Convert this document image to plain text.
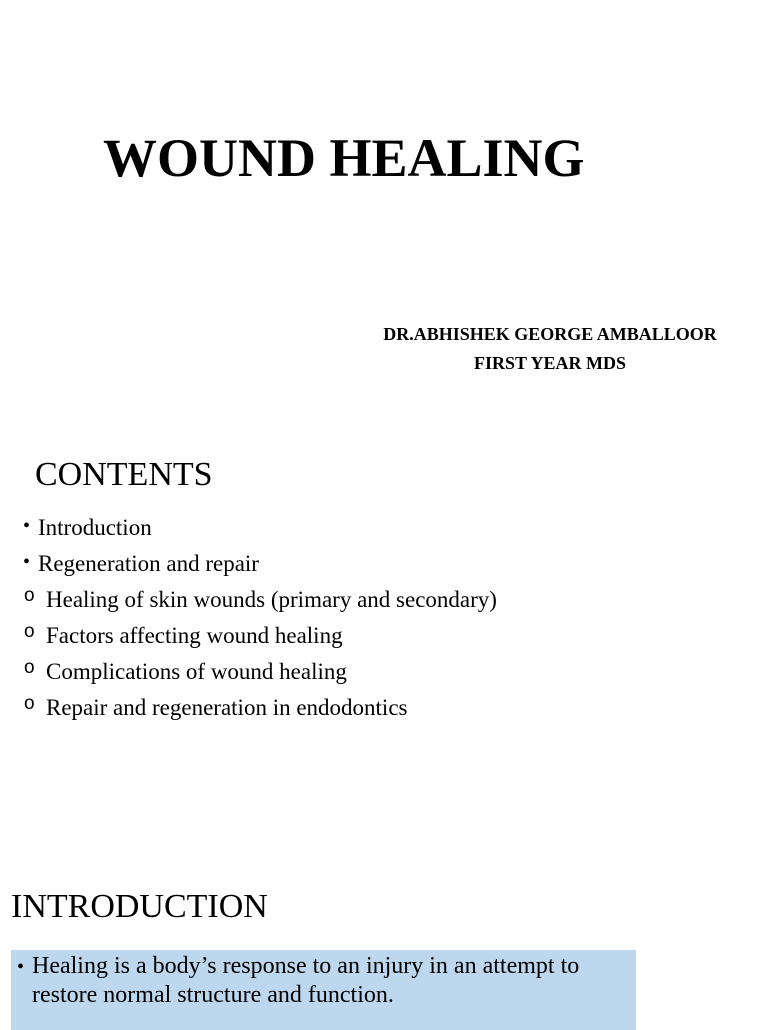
WOUND HEALING
DR.ABHISHEK GEORGE AMBALLOOR
FIRST YEAR MDS
CONTENTS
• Introduction
• Regeneration and repair
o Healing of skin wounds (primary and secondary)
o Factors affecting wound healing
o Complications of wound healing
o Repair and regeneration in endodontics
INTRODUCTION
• Healing is a body’s response to an injury in an attempt to restore normal structure and function.
